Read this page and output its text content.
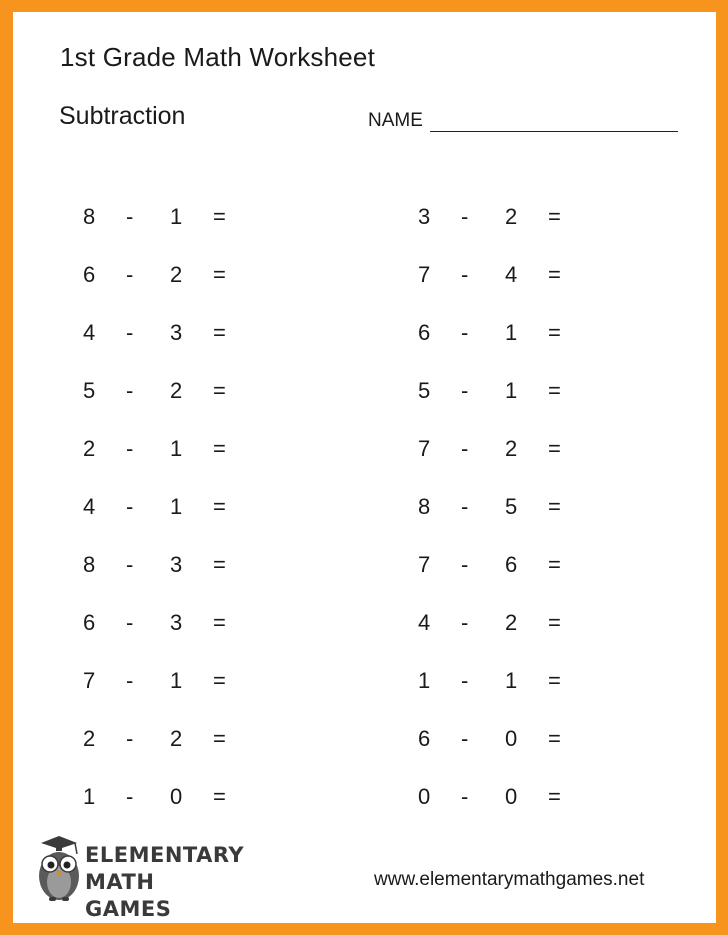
1st Grade Math Worksheet
Subtraction	NAME
8 - 1 =
6 - 2 =
4 - 3 =
5 - 2 =
2 - 1 =
4 - 1 =
8 - 3 =
6 - 3 =
7 - 1 =
2 - 2 =
1 - 0 =
3 - 2 =
7 - 4 =
6 - 1 =
5 - 1 =
7 - 2 =
8 - 5 =
7 - 6 =
4 - 2 =
1 - 1 =
6 - 0 =
0 - 0 =
ELEMENTARY
MATH GAMES
www.elementarymathgames.net
